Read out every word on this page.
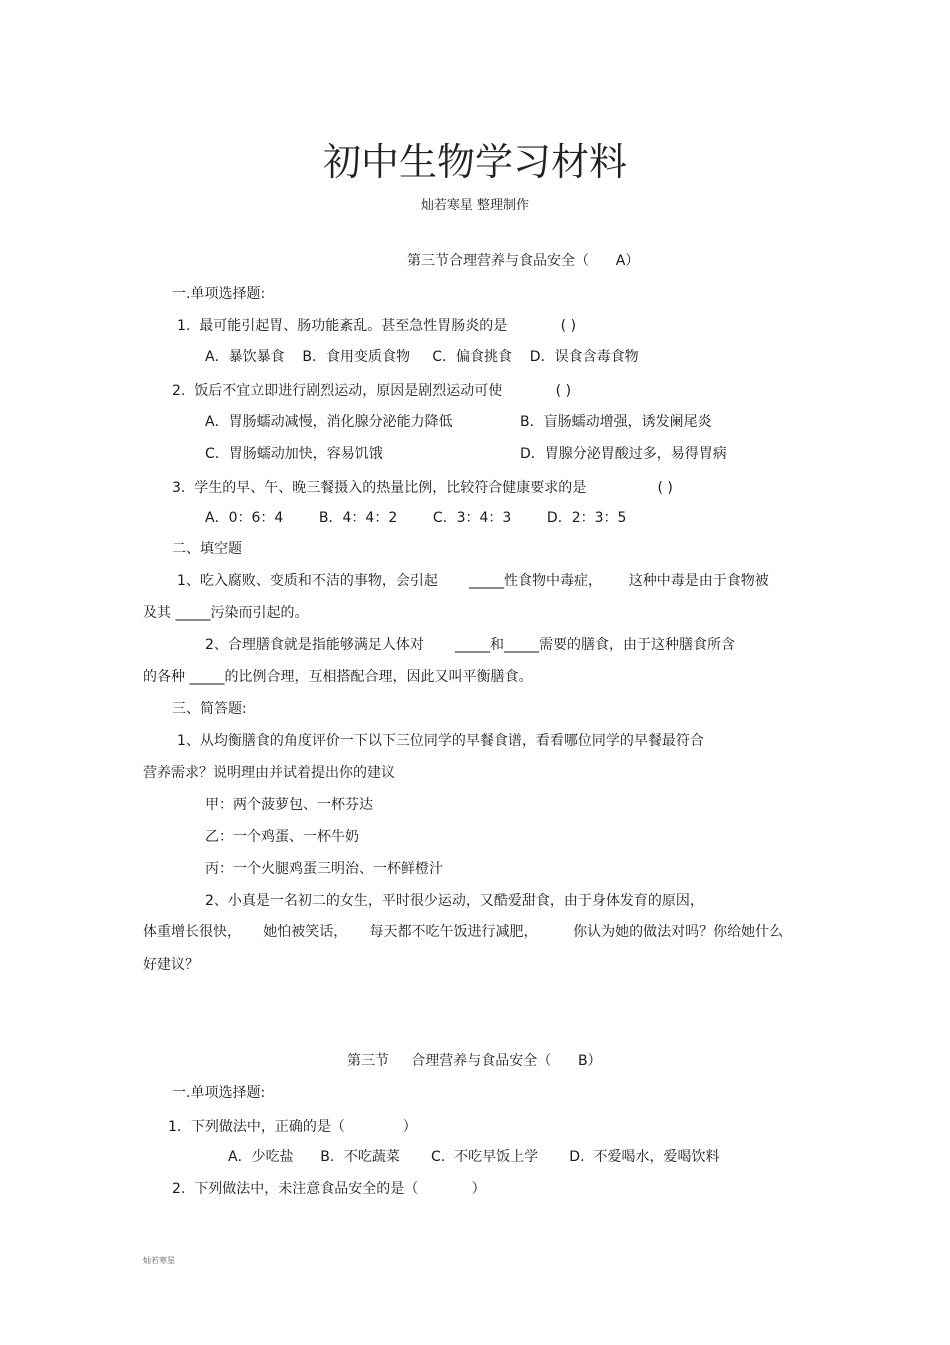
初中生物学习材料
灿若寒星 整理制作
第三节合理营养与食品安全（      A）
一.单项选择题:
1.  最可能引起胃、肠功能紊乱。甚至急性胃肠炎的是            ( )
A．暴饮暴食    B．食用变质食物     C．偏食挑食    D．误食含毒食物
2.  饭后不宜立即进行剧烈运动，原因是剧烈运动可使            ( )
A．胃肠蠕动减慢，消化腺分泌能力降低	B．盲肠蠕动增强，诱发阑尾炎
C．胃肠蠕动加快，容易饥饿	D．胃腺分泌胃酸过多，易得胃病
3.  学生的早、午、晚三餐摄入的热量比例，比较符合健康要求的是                ( )
A．0：6：4        B．4：4：2        C．3：4：3        D．2：3：5
二、填空题
1、吃入腐败、变质和不洁的事物，会引起       _____性食物中毒症，      这种中毒是由于食物被
及其 _____污染而引起的。
2、合理膳食就是指能够满足人体对       _____和_____需要的膳食，由于这种膳食所含
的各种 _____的比例合理，互相搭配合理，因此又叫平衡膳食。
三、简答题:
1、从均衡膳食的角度评价一下以下三位同学的早餐食谱，看看哪位同学的早餐最符合
营养需求？说明理由并试着提出你的建议
甲：两个菠萝包、一杯芬达
乙：一个鸡蛋、一杯牛奶
丙：一个火腿鸡蛋三明治、一杯鲜橙汁
2、小真是一名初二的女生，平时很少运动，又酷爱甜食，由于身体发育的原因，
体重增长很快，     她怕被笑话，     每天都不吃午饭进行减肥，        你认为她的做法对吗？你给她什么
好建议？
第三节     合理营养与食品安全（      B）
一.单项选择题:
1．下列做法中，正确的是（             ）
A．少吃盐      B．不吃蔬菜       C.  不吃早饭上学       D.  不爱喝水，爱喝饮料
2.  下列做法中，未注意食品安全的是（            ）
灿若寒星
